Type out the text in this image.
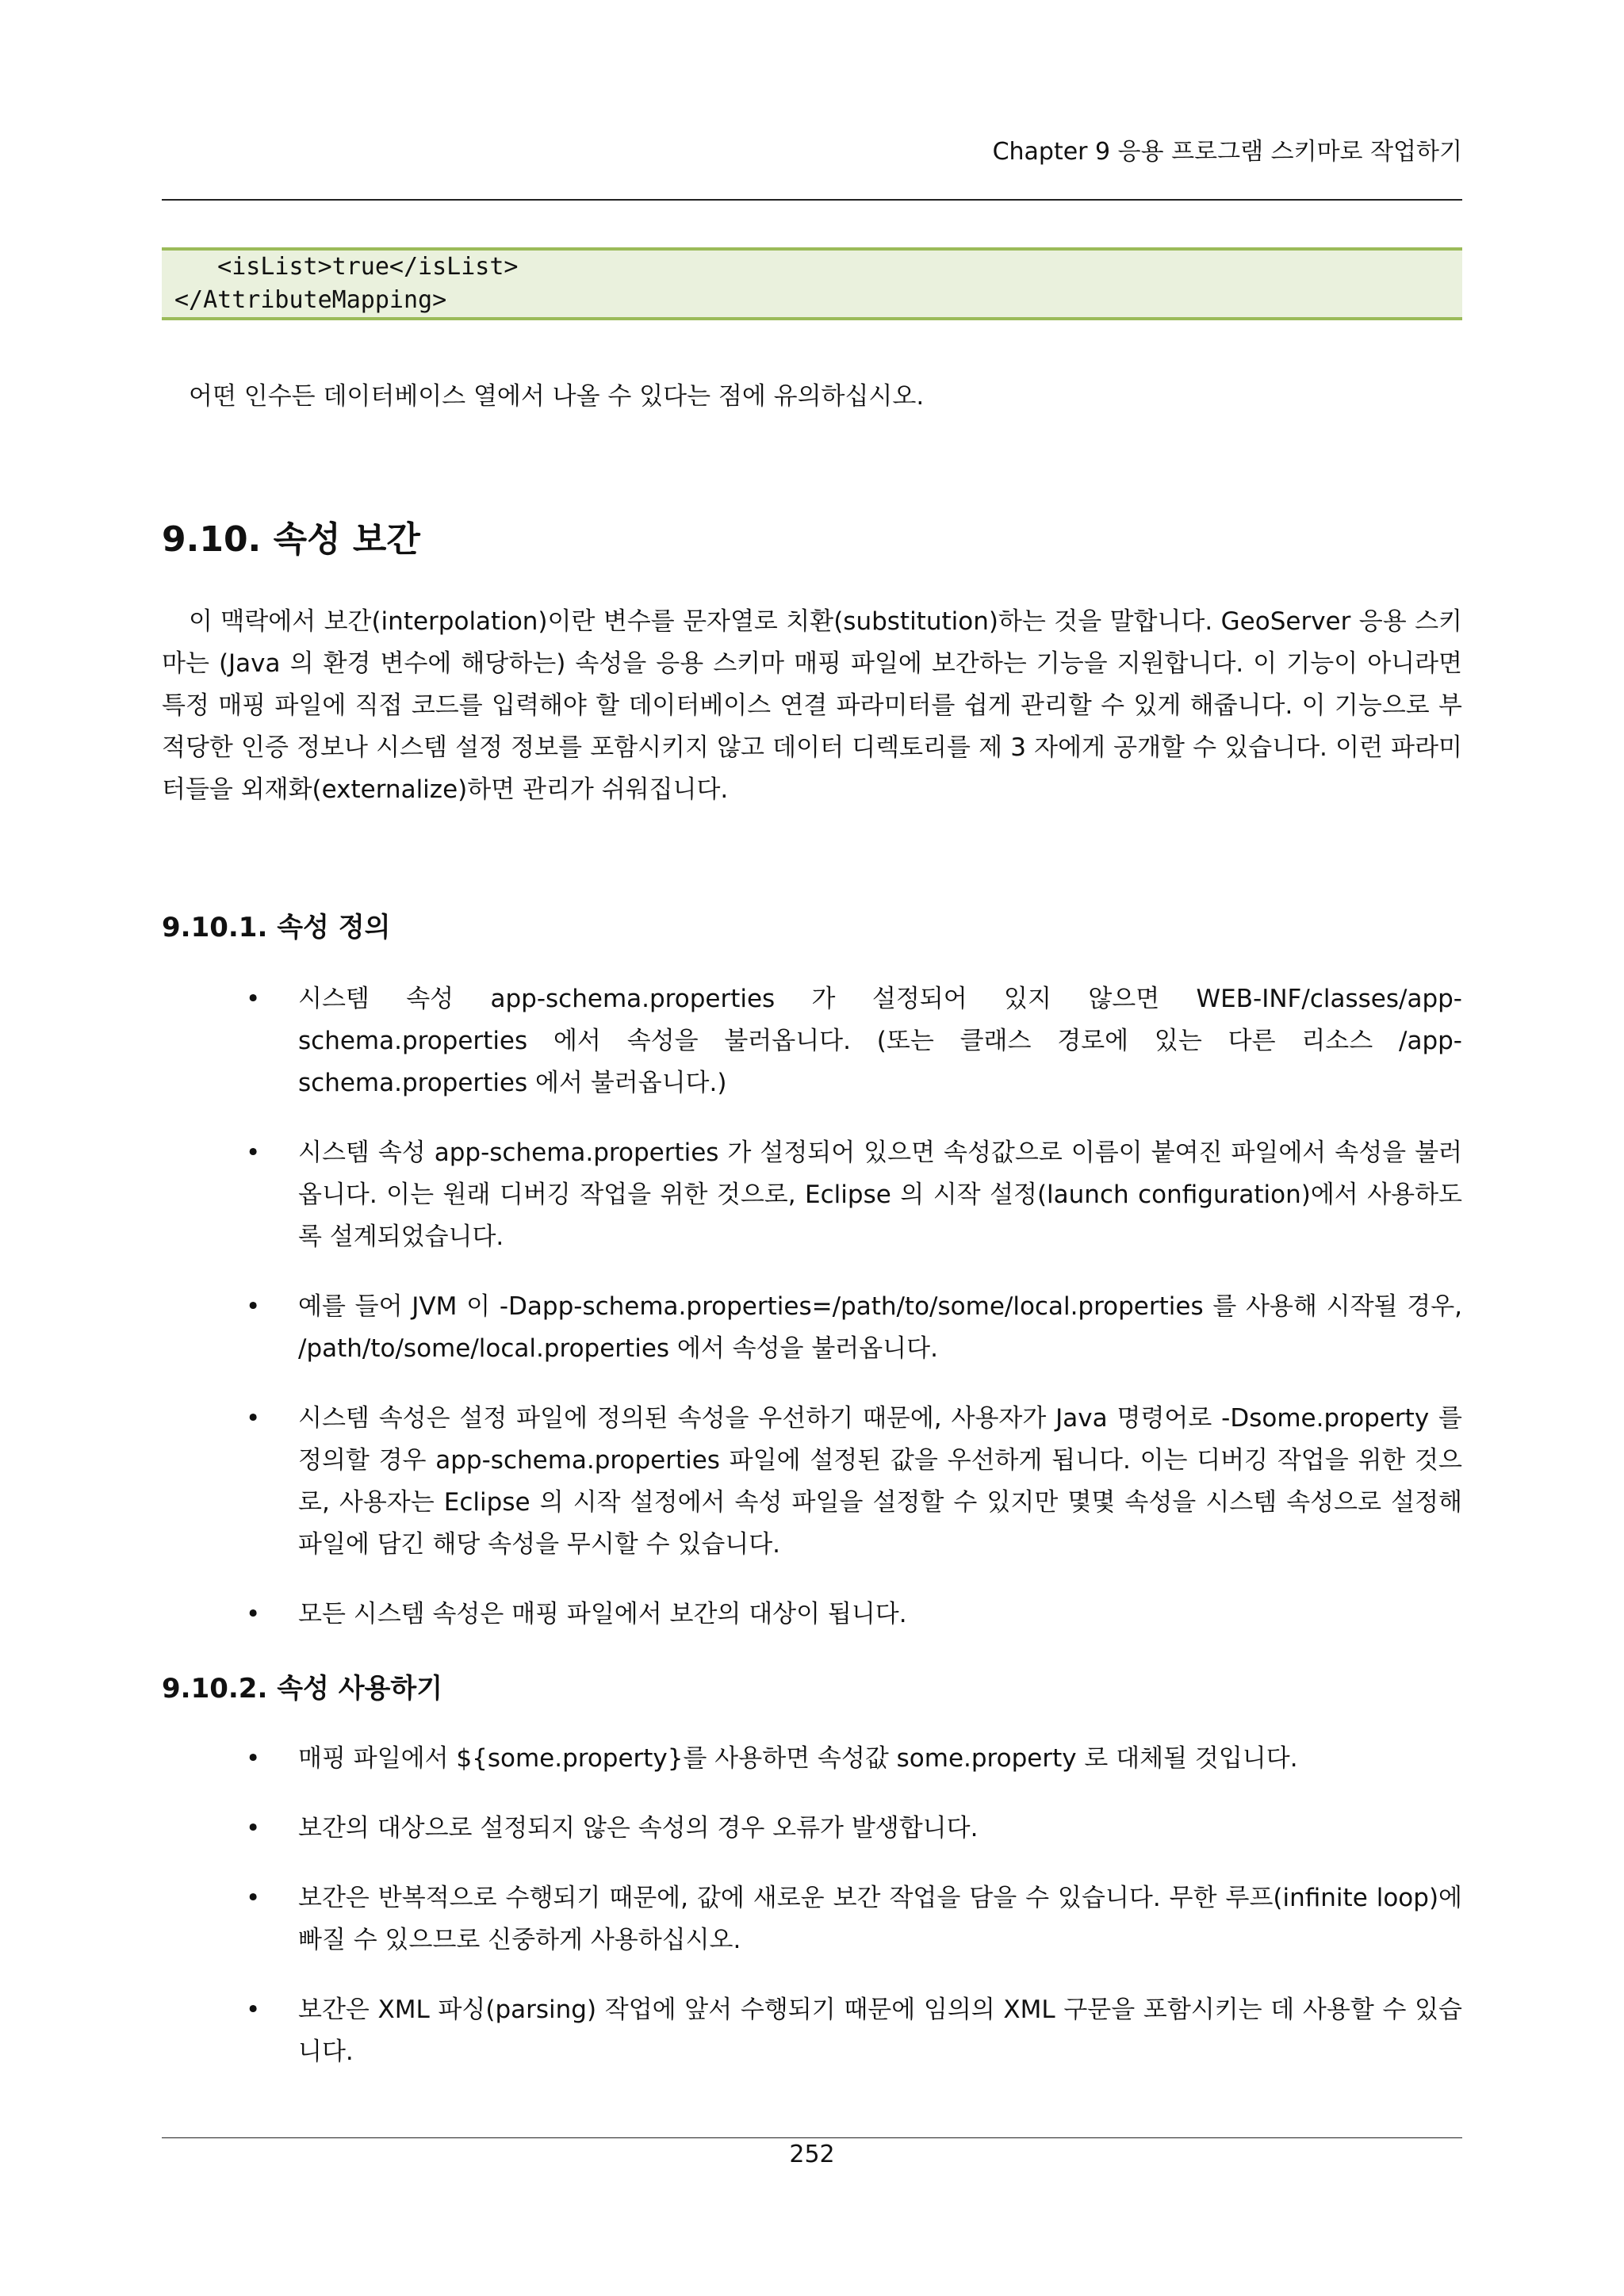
Chapter 9 응용 프로그램 스키마로 작업하기
<isList>true</isList>
</AttributeMapping>
어떤 인수든 데이터베이스 열에서 나올 수 있다는 점에 유의하십시오.
9.10. 속성 보간
이 맥락에서 보간(interpolation)이란 변수를 문자열로 치환(substitution)하는 것을 말합니다. GeoServer 응용 스키마는 (Java 의 환경 변수에 해당하는) 속성을 응용 스키마 매핑 파일에 보간하는 기능을 지원합니다. 이 기능이 아니라면 특정 매핑 파일에 직접 코드를 입력해야 할 데이터베이스 연결 파라미터를 쉽게 관리할 수 있게 해줍니다. 이 기능으로 부적당한 인증 정보나 시스템 설정 정보를 포함시키지 않고 데이터 디렉토리를 제 3 자에게 공개할 수 있습니다. 이런 파라미터들을 외재화(externalize)하면 관리가 쉬워집니다.
9.10.1. 속성 정의
• 시스템 속성 app-schema.properties 가 설정되어 있지 않으면 WEB-INF/classes/app-schema.properties 에서 속성을 불러옵니다. (또는 클래스 경로에 있는 다른 리소스 /app-schema.properties 에서 불러옵니다.)
• 시스템 속성 app-schema.properties 가 설정되어 있으면 속성값으로 이름이 붙여진 파일에서 속성을 불러옵니다. 이는 원래 디버깅 작업을 위한 것으로, Eclipse 의 시작 설정(launch configuration)에서 사용하도록 설계되었습니다.
• 예를 들어 JVM 이 -Dapp-schema.properties=/path/to/some/local.properties 를 사용해 시작될 경우, /path/to/some/local.properties 에서 속성을 불러옵니다.
• 시스템 속성은 설정 파일에 정의된 속성을 우선하기 때문에, 사용자가 Java 명령어로 -Dsome.property 를 정의할 경우 app-schema.properties 파일에 설정된 값을 우선하게 됩니다. 이는 디버깅 작업을 위한 것으로, 사용자는 Eclipse 의 시작 설정에서 속성 파일을 설정할 수 있지만 몇몇 속성을 시스템 속성으로 설정해 파일에 담긴 해당 속성을 무시할 수 있습니다.
• 모든 시스템 속성은 매핑 파일에서 보간의 대상이 됩니다.
9.10.2. 속성 사용하기
• 매핑 파일에서 ${some.property}를 사용하면 속성값 some.property 로 대체될 것입니다.
• 보간의 대상으로 설정되지 않은 속성의 경우 오류가 발생합니다.
• 보간은 반복적으로 수행되기 때문에, 값에 새로운 보간 작업을 담을 수 있습니다. 무한 루프(infinite loop)에 빠질 수 있으므로 신중하게 사용하십시오.
• 보간은 XML 파싱(parsing) 작업에 앞서 수행되기 때문에 임의의 XML 구문을 포함시키는 데 사용할 수 있습니다.
252
